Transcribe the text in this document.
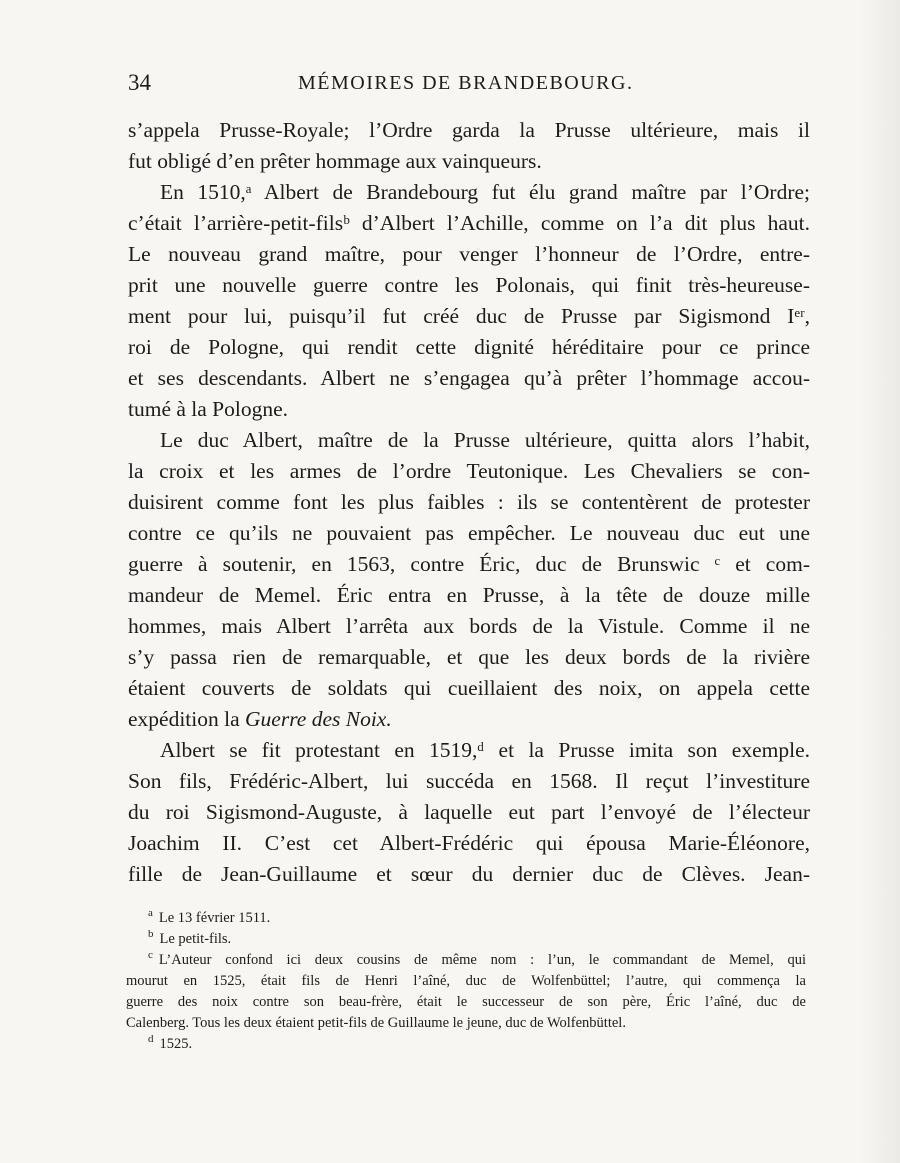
34	MÉMOIRES DE BRANDEBOURG.
s’appela Prusse-Royale; l’Ordre garda la Prusse ultérieure, mais il
fut obligé d’en prêter hommage aux vainqueurs.
En 1510,ᵃ Albert de Brandebourg fut élu grand maître par l’Ordre;
c’était l’arrière-petit-filsᵇ d’Albert l’Achille, comme on l’a dit plus haut.
Le nouveau grand maître, pour venger l’honneur de l’Ordre, entre-
prit une nouvelle guerre contre les Polonais, qui finit très-heureuse-
ment pour lui, puisqu’il fut créé duc de Prusse par Sigismond Iᵉʳ,
roi de Pologne, qui rendit cette dignité héréditaire pour ce prince
et ses descendants. Albert ne s’engagea qu’à prêter l’hommage accou-
tumé à la Pologne.
Le duc Albert, maître de la Prusse ultérieure, quitta alors l’habit,
la croix et les armes de l’ordre Teutonique. Les Chevaliers se con-
duisirent comme font les plus faibles : ils se contentèrent de protester
contre ce qu’ils ne pouvaient pas empêcher. Le nouveau duc eut une
guerre à soutenir, en 1563, contre Éric, duc de Brunswic ᶜ et com-
mandeur de Memel. Éric entra en Prusse, à la tête de douze mille
hommes, mais Albert l’arrêta aux bords de la Vistule. Comme il ne
s’y passa rien de remarquable, et que les deux bords de la rivière
étaient couverts de soldats qui cueillaient des noix, on appela cette
expédition la Guerre des Noix.
Albert se fit protestant en 1519,ᵈ et la Prusse imita son exemple.
Son fils, Frédéric-Albert, lui succéda en 1568. Il reçut l’investiture
du roi Sigismond-Auguste, à laquelle eut part l’envoyé de l’électeur
Joachim II. C’est cet Albert-Frédéric qui épousa Marie-Éléonore,
fille de Jean-Guillaume et sœur du dernier duc de Clèves. Jean-
$^a$ Le 13 février 1511.
$^b$ Le petit-fils.
$^c$ L’Auteur confond ici deux cousins de même nom : l’un, le commandant de Memel, qui
mourut en 1525, était fils de Henri l’aîné, duc de Wolfenbüttel; l’autre, qui commença la
guerre des noix contre son beau-frère, était le successeur de son père, Éric l’aîné, duc de
Calenberg. Tous les deux étaient petit-fils de Guillaume le jeune, duc de Wolfenbüttel.
$^d$ 1525.
